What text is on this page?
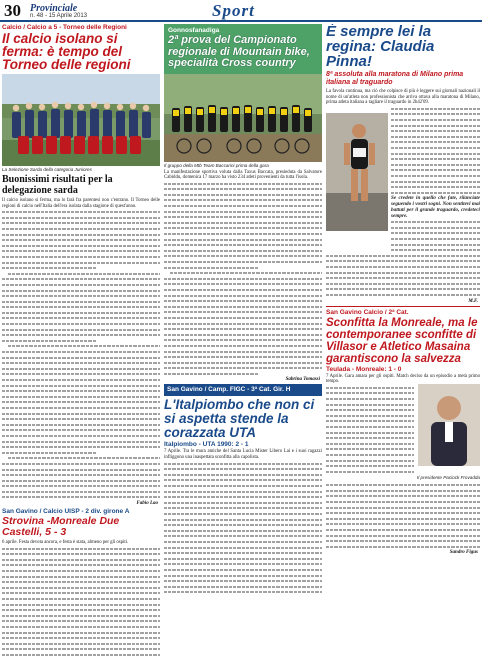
30 Provinciale
n. 48 - 15 Aprile 2013	Sport
Calcio / Calcio a 5 - Torneo delle Regioni
Il calcio isolano si ferma: è tempo del Torneo delle regioni
La Selezione Sarda della categoria Juniores
Buonissimi risultati per la delegazione sarda

Il calcio isolano si ferma, ma lo farà fra parentesi non c'entrano. Il Torneo delle regioni di calcio nell'Italia dell'era isolata dalla stagione di quest'anno.

Fabio Lao
San Gavino / Calcio UISP - 2 div. girone A
Strovina -Monreale Due Castelli, 5 - 3

6 aprile. Festa devota ancora, e festa è stata, almeno per gli ospiti.

Gonnosfanadiga
2ª prova del Campionato regionale di Mountain bike, specialità Cross country
Il gruppo della Mtb Team Baccarini prima della gara

La manifestazione sportiva voluta dalla Taxus Baccata, presieduta da Salvatore Cabiddu, domenica 17 marzo ha visto 234 atleti provenienti da tutta l'isola.

Sabrina Tomassi
San Gavino / Camp. FIGC - 3ª Cat. Gir. H
L'Italpiombo che non ci si aspetta stende la corazzata UTA
Italpiombo - UTA 1990: 2 - 1

7 Aprile. Tra le mura amiche del Santa Lucia Mister Libero Lai e i suoi ragazzi infliggono una inaspettata sconfitta alla capolista.

È sempre lei la regina: Claudia Pinna!
8ª assoluta alla maratona di Milano prima italiana al traguardo

La favola continua, ma ciò che colpisce di più è leggere sui giornali nazionali il nome di un'atleta non professionista che arriva ottava alla maratona di Milano, prima atleta italiana a tagliare il traguardo in 2h42'09.

Se credete in quello che fate, rilanciate seguendo i vostri sogni. Non sentitevi mai battuti per il grande traguardo, credeteci sempre.

M.F.
San Gavino Calcio / 2ª Cat.
Sconfitta la Monreale, ma le contemporanee sconfitte di Villasor e Atletico Masaina garantiscono la salvezza
Teulada - Monreale: 1 - 0

7 Aprile. Gara amara per gli ospiti. Match deciso da un episodio a metà primo tempo.

Il presidente Paciock Frovadda
Sandro Figus
